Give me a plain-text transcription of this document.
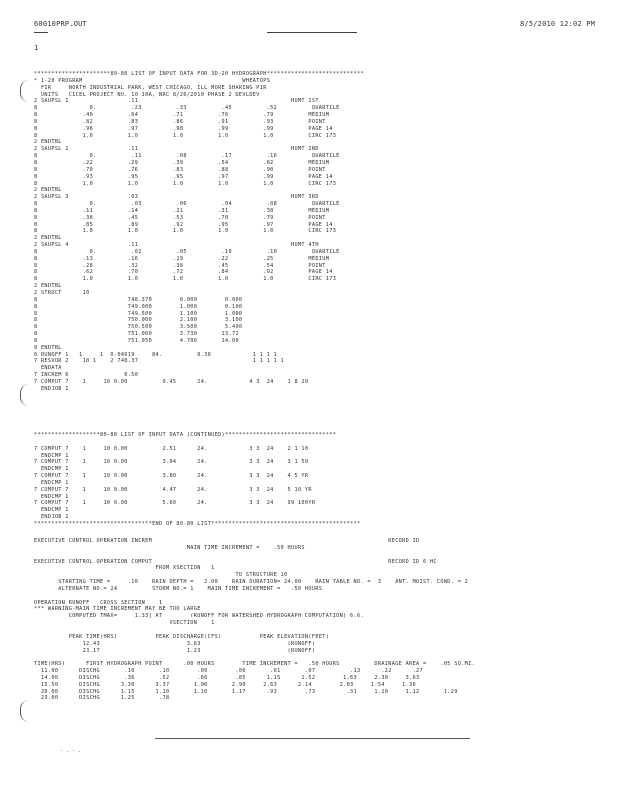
60010PRP.OUT	8/5/2010 12:02 PM
1
**********************80-80 LIST OF INPUT DATA FOR 3D-20 HYDROGRAPH****************************
* 1-20 PROGRAM                                              WHEATOPS
FIR     NORTH INDUSTRIAL PARK, WEST CHICAGO, ILL MORE SHARING PIR
UNITS   CICEL PROJECT NO. 10 10A, NRC 8/26/2010 PHASE 2 DEVLDEV
2 SAUPSL 1                 .11                                            HUMT 1ST
8               0.          .23          .33          .45          .52          QUARTILE
8             .40          .64          .71          .76          .79          MEDIUM
8             .82          .83          .86          .91          .93          POINT
8             .96          .97          .98          .99          .99          PAGE 14
8             1.0          1.0          1.0          1.0          1.0          CIRC 173
2 ENDTBL
2 SAUPSL 2                 .11                                            HUMT 2ND
8               0.          .11          .08          .17          .16          QUARTILE
8             .22          .29          .39          .54          .62          MEDIUM
8             .70          .76          .83          .88          .90          POINT
8             .93          .95          .95          .97          .99          PAGE 14
8             1.0          1.0          1.0          1.0          1.0          CIRC 173
2 ENDTBL
2 SAUPSL 3                 .03                                            HUMT 3RD
8               0.          .03          .06          .04          .08          QUARTILE
8             .11          .14          .21          .31          .38          MEDIUM
8             .38          .45          .53          .70          .79          POINT
8             .85          .89          .92          .95          .97          PAGE 14
8             1.0          1.0          1.0          1.0          1.0          CIRC 173
2 ENDTBL
2 SAUPSL 4                 .11                                            HUMT 4TH
8               0.          .02          .05          .10          .10          QUARTILE
8             .13          .16          .19          .22          .25          MEDIUM
8             .28          .32          .38          .45          .54          POINT
8             .62          .70          .72          .84          .92          PAGE 14
8             1.0          1.0          1.0          1.0          1.0          CIRC 173
2 ENDTBL
2 STRUCT      10
8                          748.370        0.000        0.000
8                          749.000        1.000        0.100
8                          749.500        1.100        1.000
8                          750.000        2.100        3.100
8                          750.500        3.500        5.400
8                          751.000        3.730       13.72
8                          751.050        4.700       14.00
9 ENDTBL
6 RUNOFF 1   1     1  0.04919     84.          0.30            1 1 1 1
7 RESVOR 2    10 1    2 748.37                                 1 1 1 1 1
ENDATA
7 INCREM 6                0.50
7 COMPUT 7    1     10 0.00          9.45      24.            4 3  24    1 8 20
ENDJOB 1
*******************80-80 LIST OF INPUT DATA (CONTINUED)********************************

7 COMPUT 7    1     10 0.00          2.51      24.            3 3  24    2 1 10
ENDCMP 1
7 COMPUT 7    1     10 0.00          3.04      24.            3 3  24    3 1 50
ENDCMP 1
7 COMPUT 7    1     10 0.00          3.80      24.            3 3  24    4 5 YR
ENDCMP 1
7 COMPUT 7    1     10 0.00          4.47      24.            3 3  24    5 10 YR
ENDCMP 1
7 COMPUT 7    1     10 0.00          5.60      24.            3 3  24    99 100YR
ENDCMP 1
ENDJOB 2
**********************************END OF 80-80 LIST*******************************************
EXECUTIVE CONTROL OPERATION INCREM                                                                    RECORD ID
MAIN TIME INCREMENT =    .50 HOURS

EXECUTIVE CONTROL OPERATION COMPUT                                                                    RECORD ID 6 HC
FROM XSECTION   1
TO STRUCTURE 10
STARTING TIME =     .10    RAIN DEPTH =   2.00    RAIN DURATION= 24.00    RAIN TABLE NO. =  3    ANT. MOIST. COND. = 2
ALTERNATE NO.= 24          STORM NO.= 1    MAIN TIME INCREMENT =   .50 HOURS

OPERATION RUNOFF   CROSS SECTION    1
*** WARNING-MAIN TIME INCREMENT MAY BE TOO LARGE
COMPUTED TMAX=     1.33] AT        (RUNOFF FOR WATERSHED HYDROGRAPH COMPUTATION) 6.6.
XSECTION    1

PEAK TIME(HRS)           PEAK DISCHARGE(CFS)           PEAK ELEVATION(FEET)
12.43                         3.63                         (RUNOFF)
23.17                         1.23                         (RUNOFF)

TIME(HRS)      FIRST HYDROGRAPH POINT      .00 HOURS        TIME INCREMENT =   .50 HOURS          DRAINAGE AREA =    .05 SQ.MI.
11.00      DISCHG       .10       .10        .09        .06       .01       .07          .13      .22      .27
14.00      DISCHG       .36       .52        .66        .85      1.15      1.52        1.63     2.30     3.63
15.50      DISCHG      3.30      3.37       1.90       2.90     2.63      2.14        2.03     1.54     1.36
20.00      DISCHG      1.15      1.10       1.10       1.17      .93        .73         .31     1.10     1.12       1.29
23.00      DISCHG      1.25       .78
- . - .
